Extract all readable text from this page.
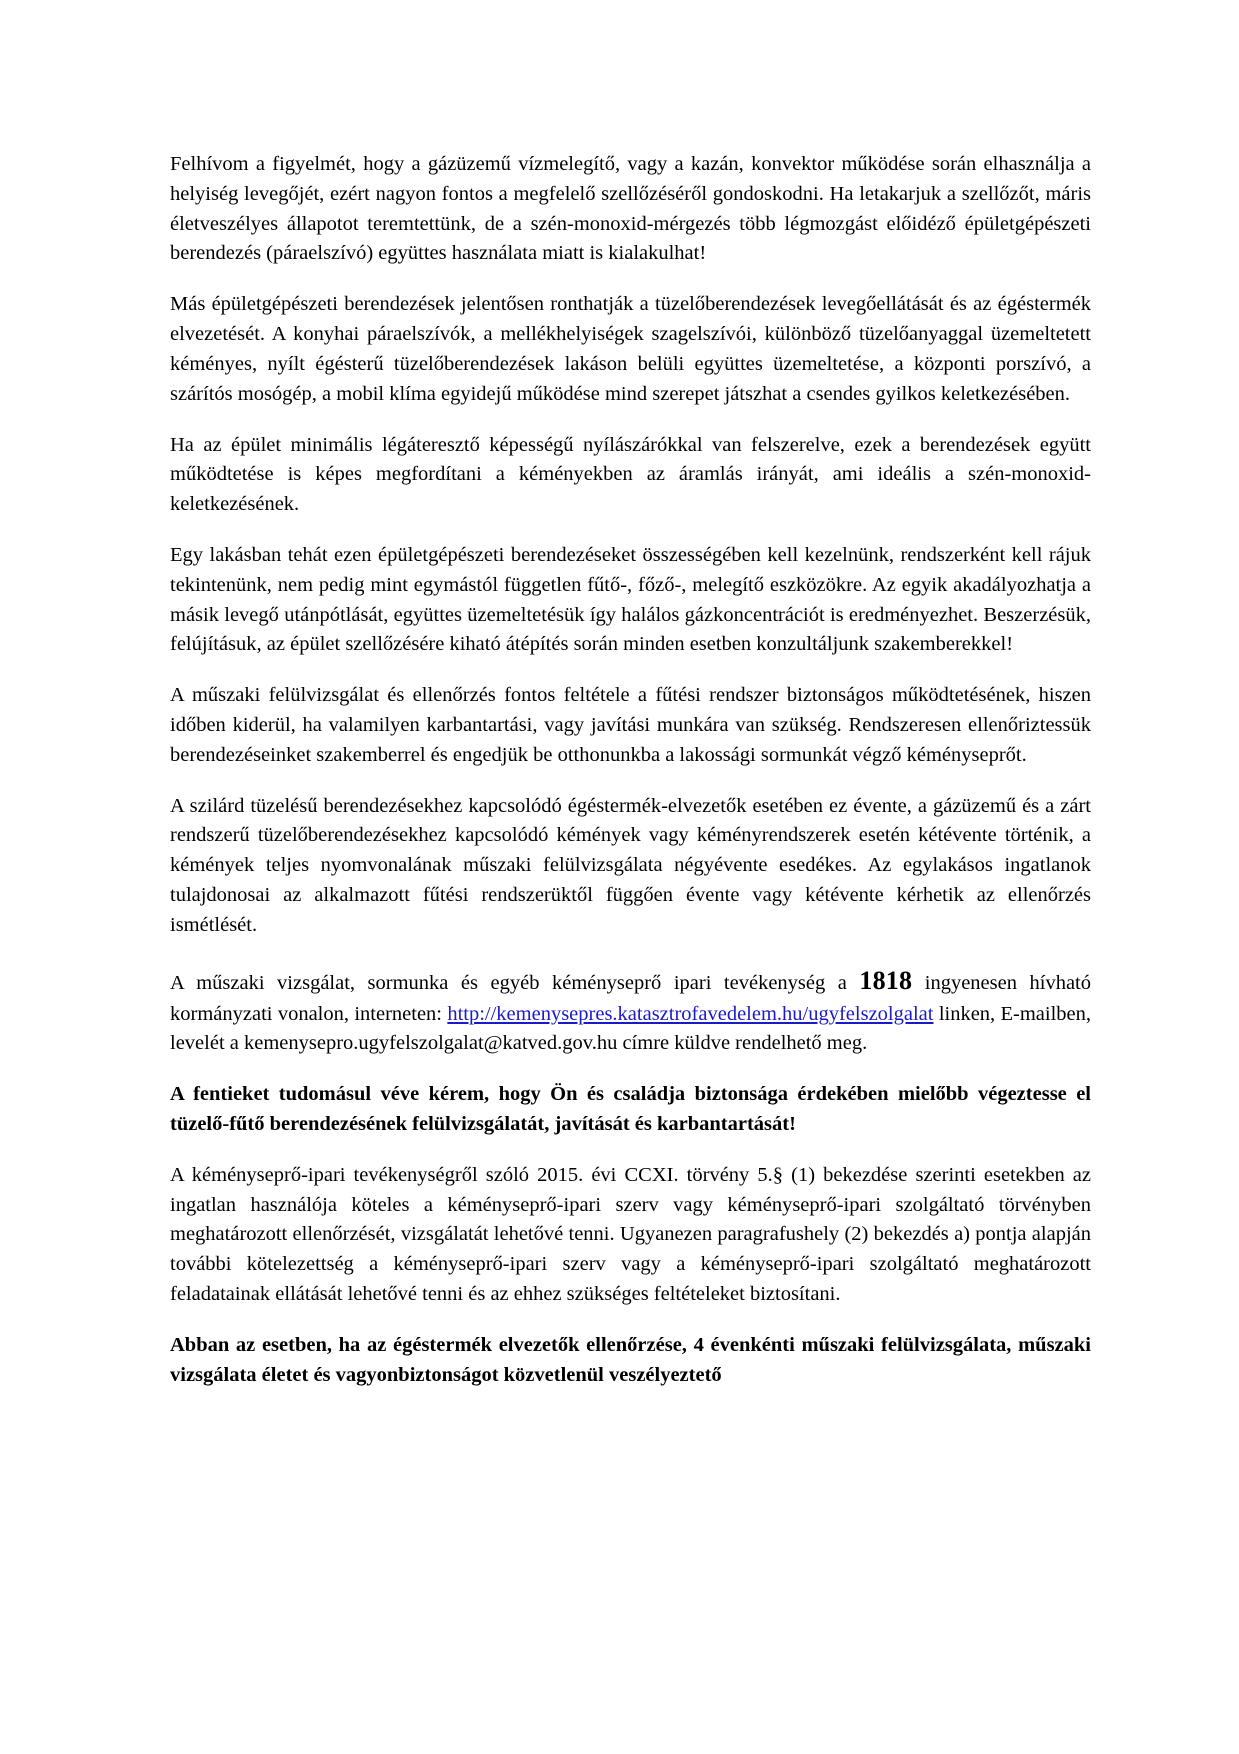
Felhívom a figyelmét, hogy a gázüzemű vízmelegítő, vagy a kazán, konvektor működése során elhasználja a helyiség levegőjét, ezért nagyon fontos a megfelelő szellőzéséről gondoskodni. Ha letakarjuk a szellőzőt, máris életveszélyes állapotot teremtettünk, de a szén-monoxid-mérgezés több légmozgást előidéző épületgépészeti berendezés (páraelszívó) együttes használata miatt is kialakulhat!

Más épületgépészeti berendezések jelentősen ronthatják a tüzelőberendezések levegőellátását és az égéstermék elvezetését. A konyhai páraelszívók, a mellékhelyiségek szagelszívói, különböző tüzelőanyaggal üzemeltetett kéményes, nyílt égésterű tüzelőberendezések lakáson belüli együttes üzemeltetése, a központi porszívó, a szárítós mosógép, a mobil klíma egyidejű működése mind szerepet játszhat a csendes gyilkos keletkezésében.

Ha az épület minimális légáteresztő képességű nyílászárókkal van felszerelve, ezek a berendezések együtt működtetése is képes megfordítani a kéményekben az áramlás irányát, ami ideális a szén-monoxid-keletkezésének.

Egy lakásban tehát ezen épületgépészeti berendezéseket összességében kell kezelnünk, rendszerként kell rájuk tekintenünk, nem pedig mint egymástól független fűtő-, főző-, melegítő eszközökre. Az egyik akadályozhatja a másik levegő utánpótlását, együttes üzemeltetésük így halálos gázkoncentrációt is eredményezhet. Beszerzésük, felújításuk, az épület szellőzésére kiható átépítés során minden esetben konzultáljunk szakemberekkel!

A műszaki felülvizsgálat és ellenőrzés fontos feltétele a fűtési rendszer biztonságos működtetésének, hiszen időben kiderül, ha valamilyen karbantartási, vagy javítási munkára van szükség. Rendszeresen ellenőriztessük berendezéseinket szakemberrel és engedjük be otthonunkba a lakossági sormunkát végző kéményseprőt.

A szilárd tüzelésű berendezésekhez kapcsolódó égéstermék-elvezetők esetében ez évente, a gázüzemű és a zárt rendszerű tüzelőberendezésekhez kapcsolódó kémények vagy kéményrendszerek esetén kétévente történik, a kémények teljes nyomvonalának műszaki felülvizsgálata négyévente esedékes. Az egylakásos ingatlanok tulajdonosai az alkalmazott fűtési rendszerüktől függően évente vagy kétévente kérhetik az ellenőrzés ismétlését.

A műszaki vizsgálat, sormunka és egyéb kéményseprő ipari tevékenység a 1818 ingyenesen hívható kormányzati vonalon, interneten: http://kemenysepres.katasztrofavedelem.hu/ugyfelszolgalat linken, E-mailben, levelét a kemenysepro.ugyfelszolgalat@katved.gov.hu címre küldve rendelhető meg.

A fentieket tudomásul véve kérem, hogy Ön és családja biztonsága érdekében mielőbb végeztesse el tüzelő-fűtő berendezésének felülvizsgálatát, javítását és karbantartását!

A kéményseprő-ipari tevékenységről szóló 2015. évi CCXI. törvény 5.§ (1) bekezdése szerinti esetekben az ingatlan használója köteles a kéményseprő-ipari szerv vagy kéményseprő-ipari szolgáltató törvényben meghatározott ellenőrzését, vizsgálatát lehetővé tenni. Ugyanezen paragrafushely (2) bekezdés a) pontja alapján további kötelezettség a kéményseprő-ipari szerv vagy a kéményseprő-ipari szolgáltató meghatározott feladatainak ellátását lehetővé tenni és az ehhez szükséges feltételeket biztosítani.

Abban az esetben, ha az égéstermék elvezetők ellenőrzése, 4 évenkénti műszaki felülvizsgálata, műszaki vizsgálata életet és vagyonbiztonságot közvetlenül veszélyeztető
